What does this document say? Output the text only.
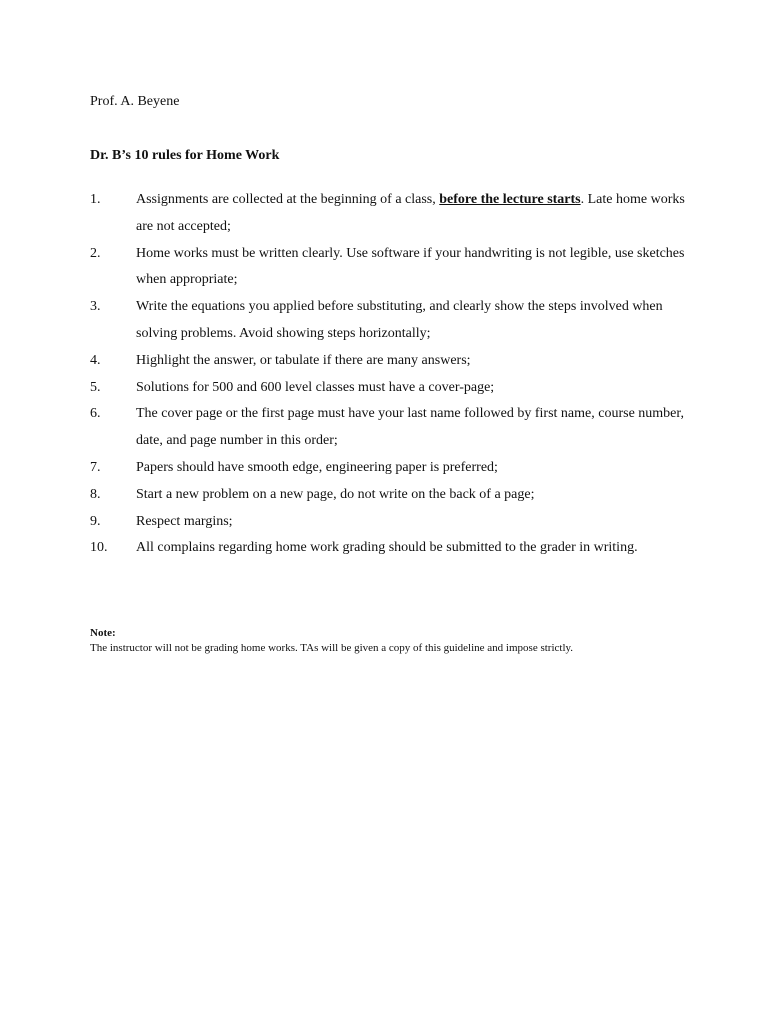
Prof. A. Beyene
Dr. B’s 10 rules for Home Work
1.	Assignments are collected at the beginning of a class, before the lecture starts. Late home works are not accepted;
2.	Home works must be written clearly. Use software if your handwriting is not legible, use sketches when appropriate;
3.	Write the equations you applied before substituting, and clearly show the steps involved when solving problems. Avoid showing steps horizontally;
4.	Highlight the answer, or tabulate if there are many answers;
5.	Solutions for 500 and 600 level classes must have a cover-page;
6.	The cover page or the first page must have your last name followed by first name, course number, date, and page number in this order;
7.	Papers should have smooth edge, engineering paper is preferred;
8.	Start a new problem on a new page, do not write on the back of a page;
9.	Respect margins;
10. All complains regarding home work grading should be submitted to the grader in writing.
Note:
The instructor will not be grading home works. TAs will be given a copy of this guideline and impose strictly.
